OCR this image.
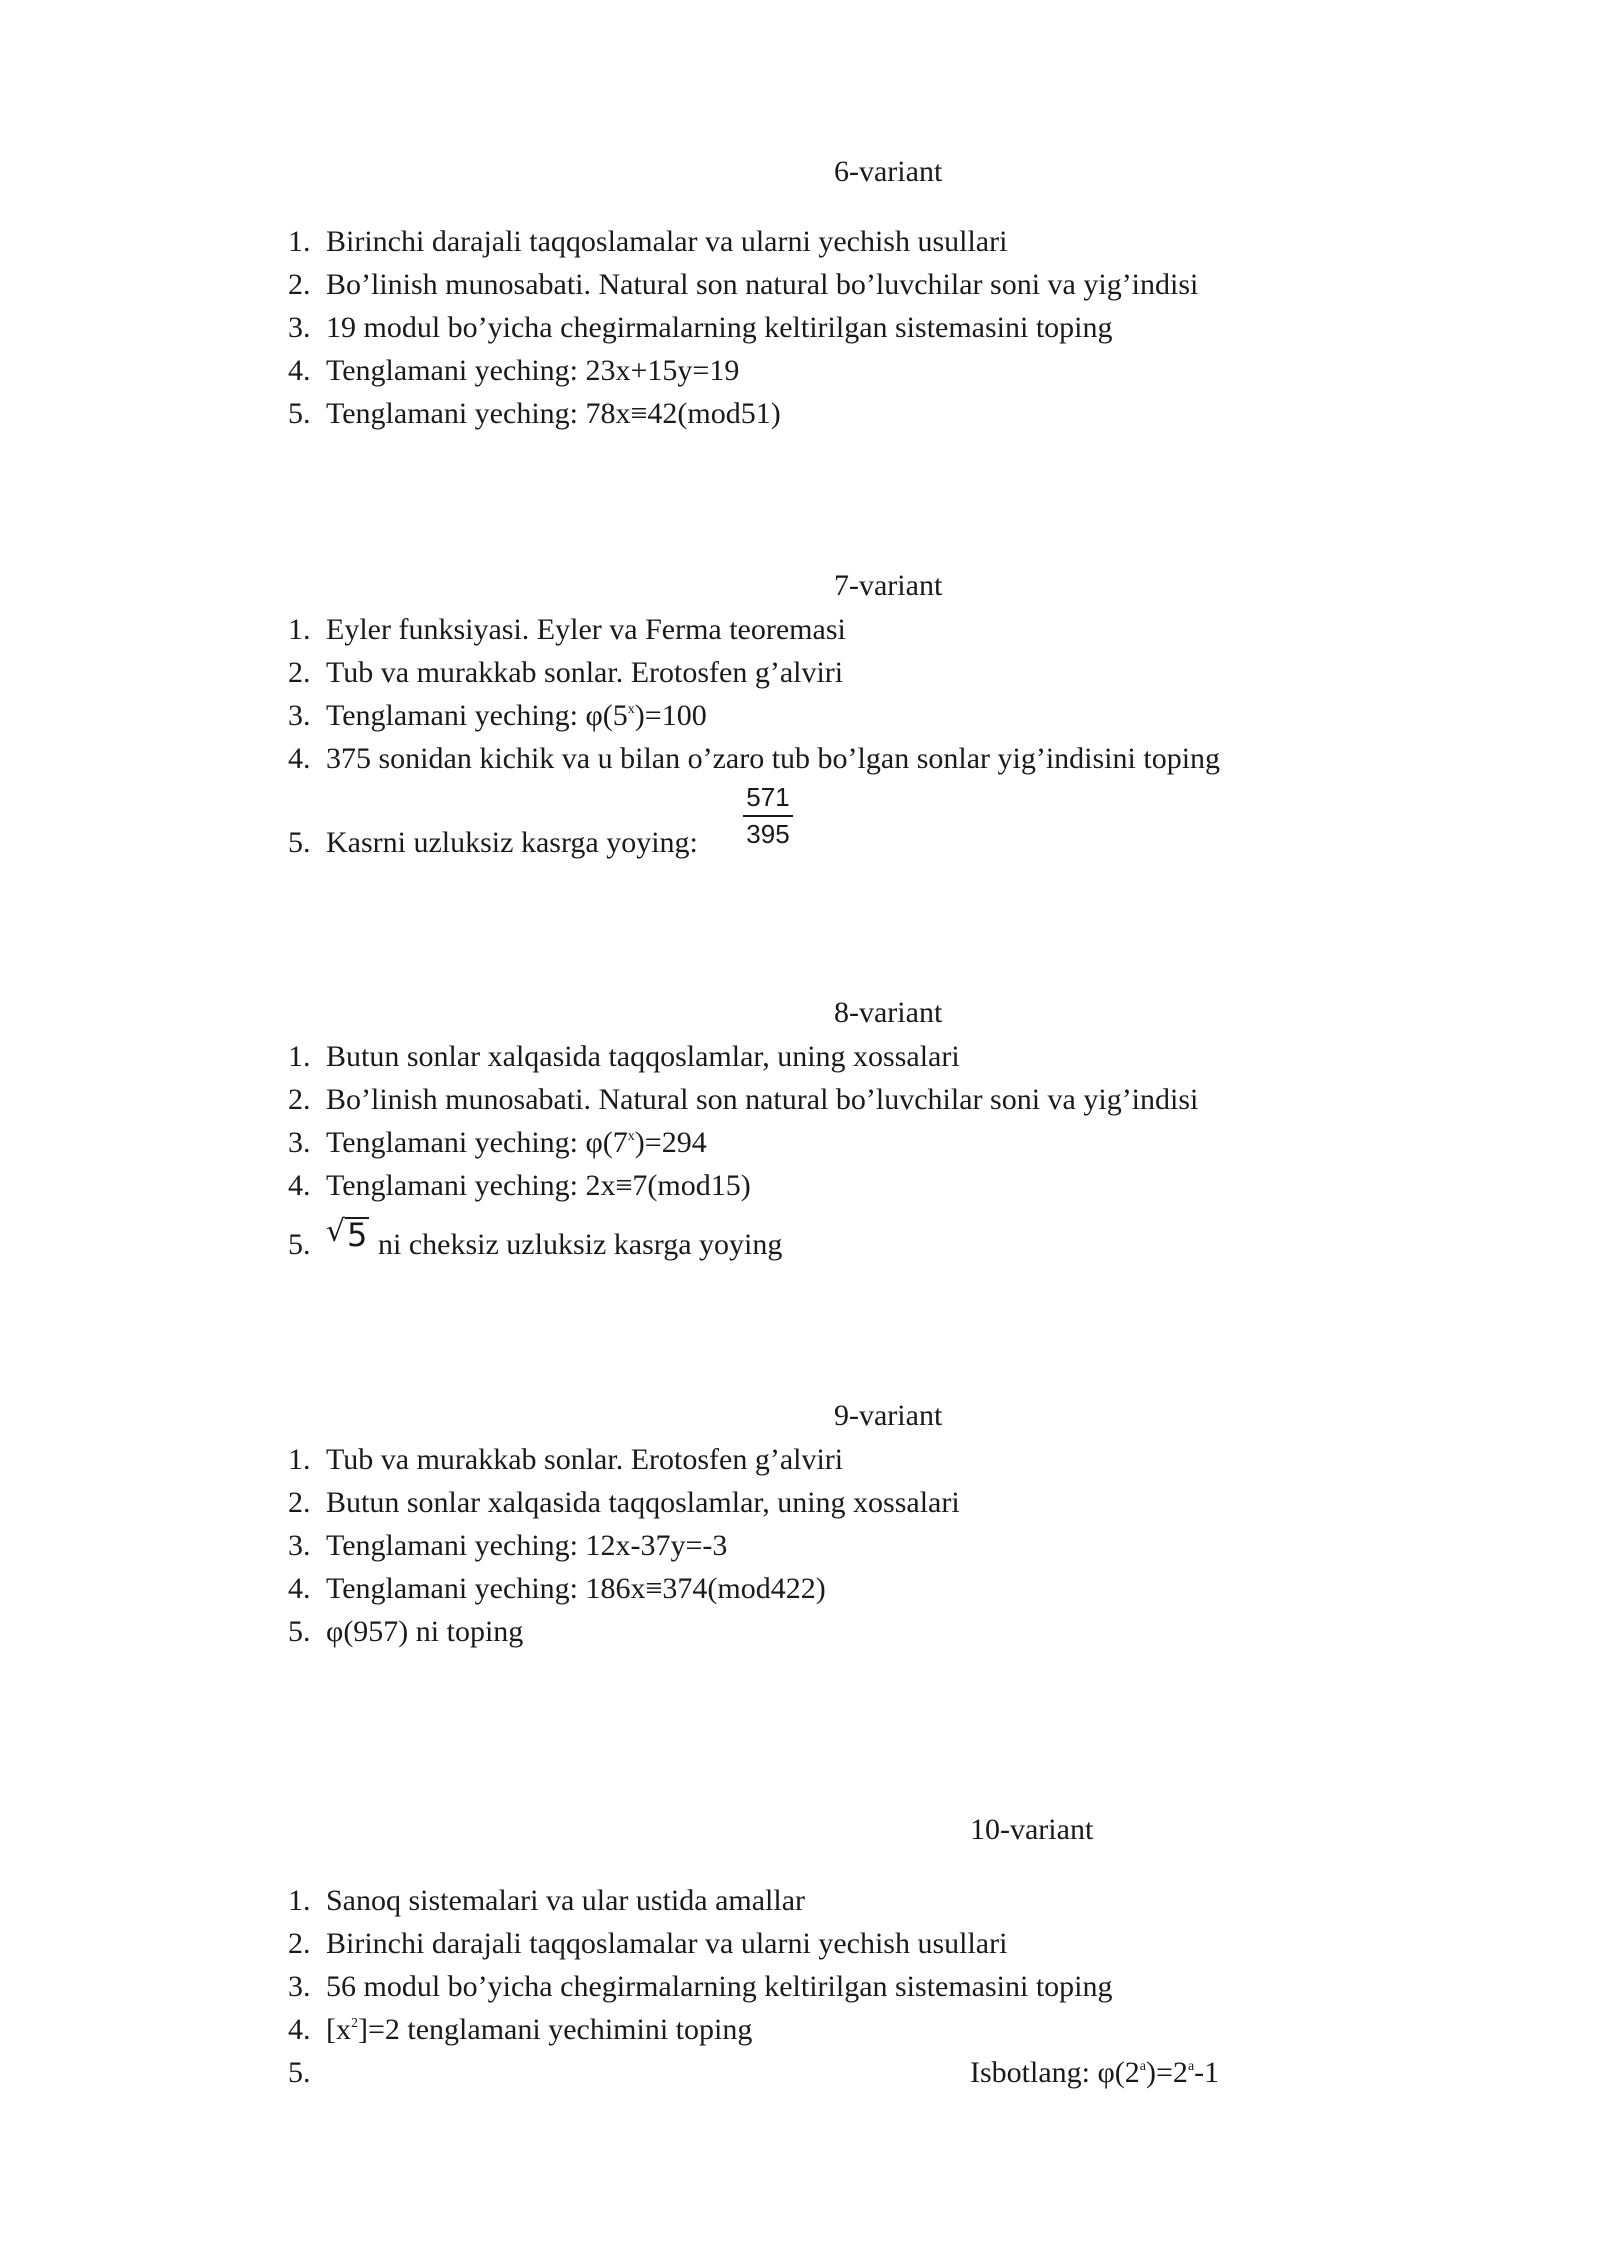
6-variant
1. Birinchi darajali taqqoslamalar va ularni yechish usullari
2. Bo’linish munosabati. Natural son natural bo’luvchilar soni va yig’indisi
3. 19 modul bo’yicha chegirmalarning keltirilgan sistemasini toping
4. Tenglamani yeching: 23x+15y=19
5. Tenglamani yeching: 78x≡42(mod51)
7-variant
1. Eyler funksiyasi. Eyler va Ferma teoremasi
2. Tub va murakkab sonlar. Erotosfen g’alviri
3. Tenglamani yeching: $\varphi(5^x)=100$
4. 375 sonidan kichik va u bilan o’zaro tub bo’lgan sonlar yig’indisini toping
5. Kasrni uzluksiz kasrga yoying:
571
395
8-variant
1. Butun sonlar xalqasida taqqoslamlar, uning xossalari
2. Bo’linish munosabati. Natural son natural bo’luvchilar soni va yig’indisi
3. Tenglamani yeching: $\varphi(7^x)=294$
4. Tenglamani yeching: 2x≡7(mod15)
5. ni cheksiz uzluksiz kasrga yoying
√ 5
9-variant
1. Tub va murakkab sonlar. Erotosfen g’alviri
2. Butun sonlar xalqasida taqqoslamlar, uning xossalari
3. Tenglamani yeching: 12x-37y=-3
4. Tenglamani yeching: 186x≡374(mod422)
5. φ(957) ni toping
10-variant
1. Sanoq sistemalari va ular ustida amallar
2. Birinchi darajali taqqoslamalar va ularni yechish usullari
3. 56 modul bo’yicha chegirmalarning keltirilgan sistemasini toping
4. $[x^2]=2$ tenglamani yechimini toping
5.	Isbotlang: $\varphi(2^a)=2^a-1$
